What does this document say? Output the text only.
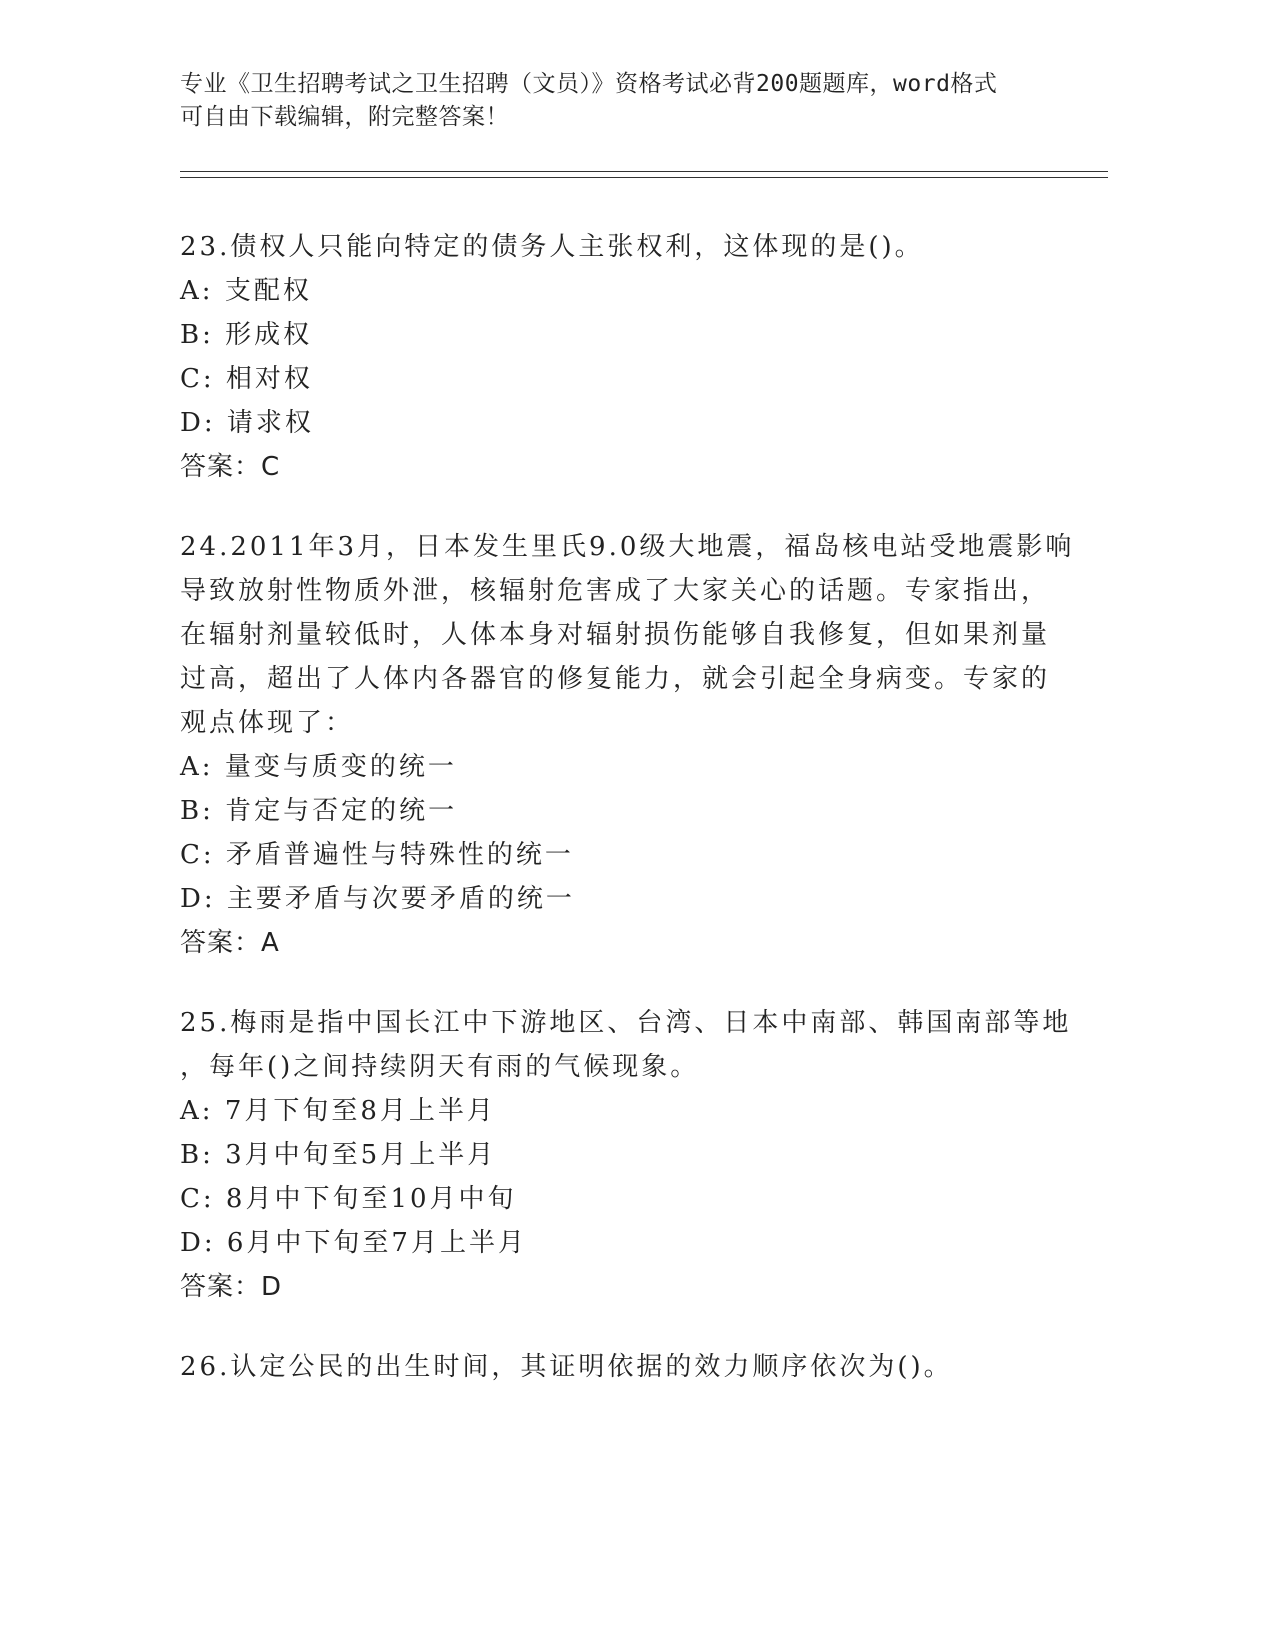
专业《卫生招聘考试之卫生招聘（文员）》资格考试必背200题题库，word格式
可自由下载编辑，附完整答案！
23.债权人只能向特定的债务人主张权利，这体现的是()。
A: 支配权
B: 形成权
C: 相对权
D: 请求权
答案：C
24.2011年3月，日本发生里氏9.0级大地震，福岛核电站受地震影响
导致放射性物质外泄，核辐射危害成了大家关心的话题。专家指出，
在辐射剂量较低时，人体本身对辐射损伤能够自我修复，但如果剂量
过高，超出了人体内各器官的修复能力，就会引起全身病变。专家的
观点体现了：
A: 量变与质变的统一
B: 肯定与否定的统一
C: 矛盾普遍性与特殊性的统一
D: 主要矛盾与次要矛盾的统一
答案：A
25.梅雨是指中国长江中下游地区、台湾、日本中南部、韩国南部等地
，每年()之间持续阴天有雨的气候现象。
A: 7月下旬至8月上半月
B: 3月中旬至5月上半月
C: 8月中下旬至10月中旬
D: 6月中下旬至7月上半月
答案：D
26.认定公民的出生时间，其证明依据的效力顺序依次为()。
